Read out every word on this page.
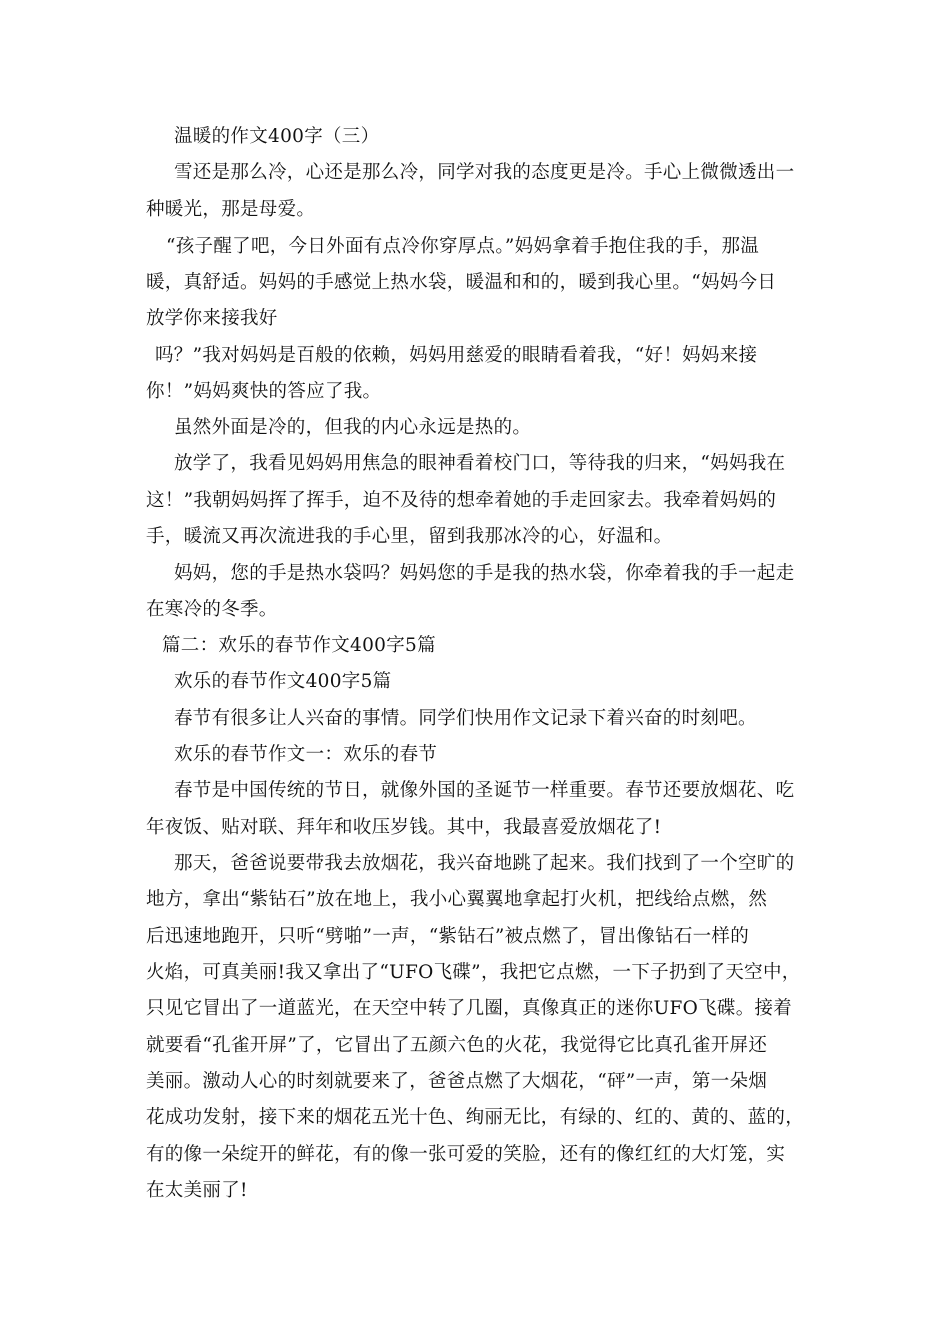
温暖的作文400字（三）
雪还是那么冷，心还是那么冷，同学对我的态度更是冷。手心上微微透出一
种暖光，那是母爱。
“孩子醒了吧，今日外面有点冷你穿厚点。”妈妈拿着手抱住我的手，那温
暖，真舒适。妈妈的手感觉上热水袋，暖温和和的，暖到我心里。“妈妈今日
放学你来接我好
吗？”我对妈妈是百般的依赖，妈妈用慈爱的眼睛看着我，“好！妈妈来接
你！”妈妈爽快的答应了我。
虽然外面是冷的，但我的内心永远是热的。
放学了，我看见妈妈用焦急的眼神看着校门口，等待我的归来，“妈妈我在
这！”我朝妈妈挥了挥手，迫不及待的想牵着她的手走回家去。我牵着妈妈的
手，暖流又再次流进我的手心里，留到我那冰冷的心，好温和。
妈妈，您的手是热水袋吗？妈妈您的手是我的热水袋，你牵着我的手一起走
在寒冷的冬季。
篇二：欢乐的春节作文400字5篇
欢乐的春节作文400字5篇
春节有很多让人兴奋的事情。同学们快用作文记录下着兴奋的时刻吧。
欢乐的春节作文一：欢乐的春节
春节是中国传统的节日，就像外国的圣诞节一样重要。春节还要放烟花、吃
年夜饭、贴对联、拜年和收压岁钱。其中，我最喜爱放烟花了!
那天，爸爸说要带我去放烟花，我兴奋地跳了起来。我们找到了一个空旷的
地方，拿出“紫钻石”放在地上，我小心翼翼地拿起打火机，把线给点燃，然
后迅速地跑开，只听“劈啪”一声，“紫钻石”被点燃了，冒出像钻石一样的
火焰，可真美丽!我又拿出了“UFO飞碟”，我把它点燃，一下子扔到了天空中，
只见它冒出了一道蓝光，在天空中转了几圈，真像真正的迷你UFO飞碟。接着
就要看“孔雀开屏”了，它冒出了五颜六色的火花，我觉得它比真孔雀开屏还
美丽。激动人心的时刻就要来了，爸爸点燃了大烟花，“砰”一声，第一朵烟
花成功发射，接下来的烟花五光十色、绚丽无比，有绿的、红的、黄的、蓝的，
有的像一朵绽开的鲜花，有的像一张可爱的笑脸，还有的像红红的大灯笼，实
在太美丽了!
